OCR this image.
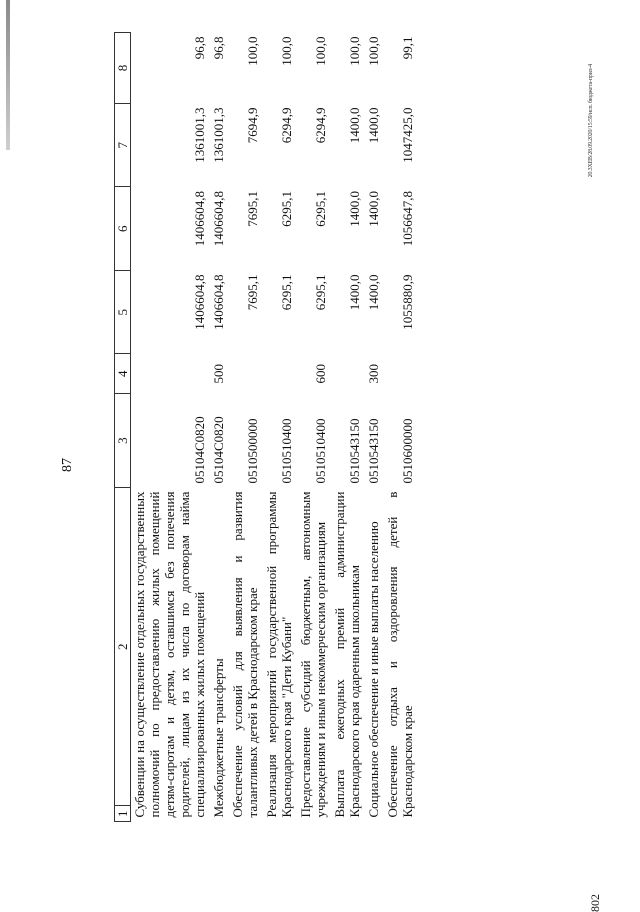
87
1	2	3	4	5	6	7	8
Субвенции на осуществление отдельных государственных полномочий по предоставлению жилых помещений детям-сиротам и детям, оставшимся без попечения родителей, лицам из их числа по договорам найма специализированных жилых помещений		05104C0820		1406604,8	1406604,8	1361001,3	96,8
Межбюджетные трансферты		05104C0820	500	1406604,8	1406604,8	1361001,3	96,8
Обеспечение условий для выявления и развития талантливых детей в Краснодарском крае		0510500000		7695,1	7695,1	7694,9	100,0
Реализация мероприятий государственной программы Краснодарского края "Дети Кубани"		0510510400		6295,1	6295,1	6294,9	100,0
Предоставление субсидий бюджетным, автономным учреждениям и иным некоммерческим организациям		0510510400	600	6295,1	6295,1	6294,9	100,0
Выплата ежегодных премий администрации Краснодарского края одаренным школьникам		0510543150		1400,0	1400,0	1400,0	100,0
Социальное обеспечение и иные выплаты населению		0510543150	300	1400,0	1400,0	1400,0	100,0
Обеспечение отдыха и оздоровления детей в Краснодарском крае		0510600000		1055880,9	1056647,8	1047425,0	99,1
20.3ХЕВ/28.09.2020/15:59/исп. бюджета-прил-4
802
